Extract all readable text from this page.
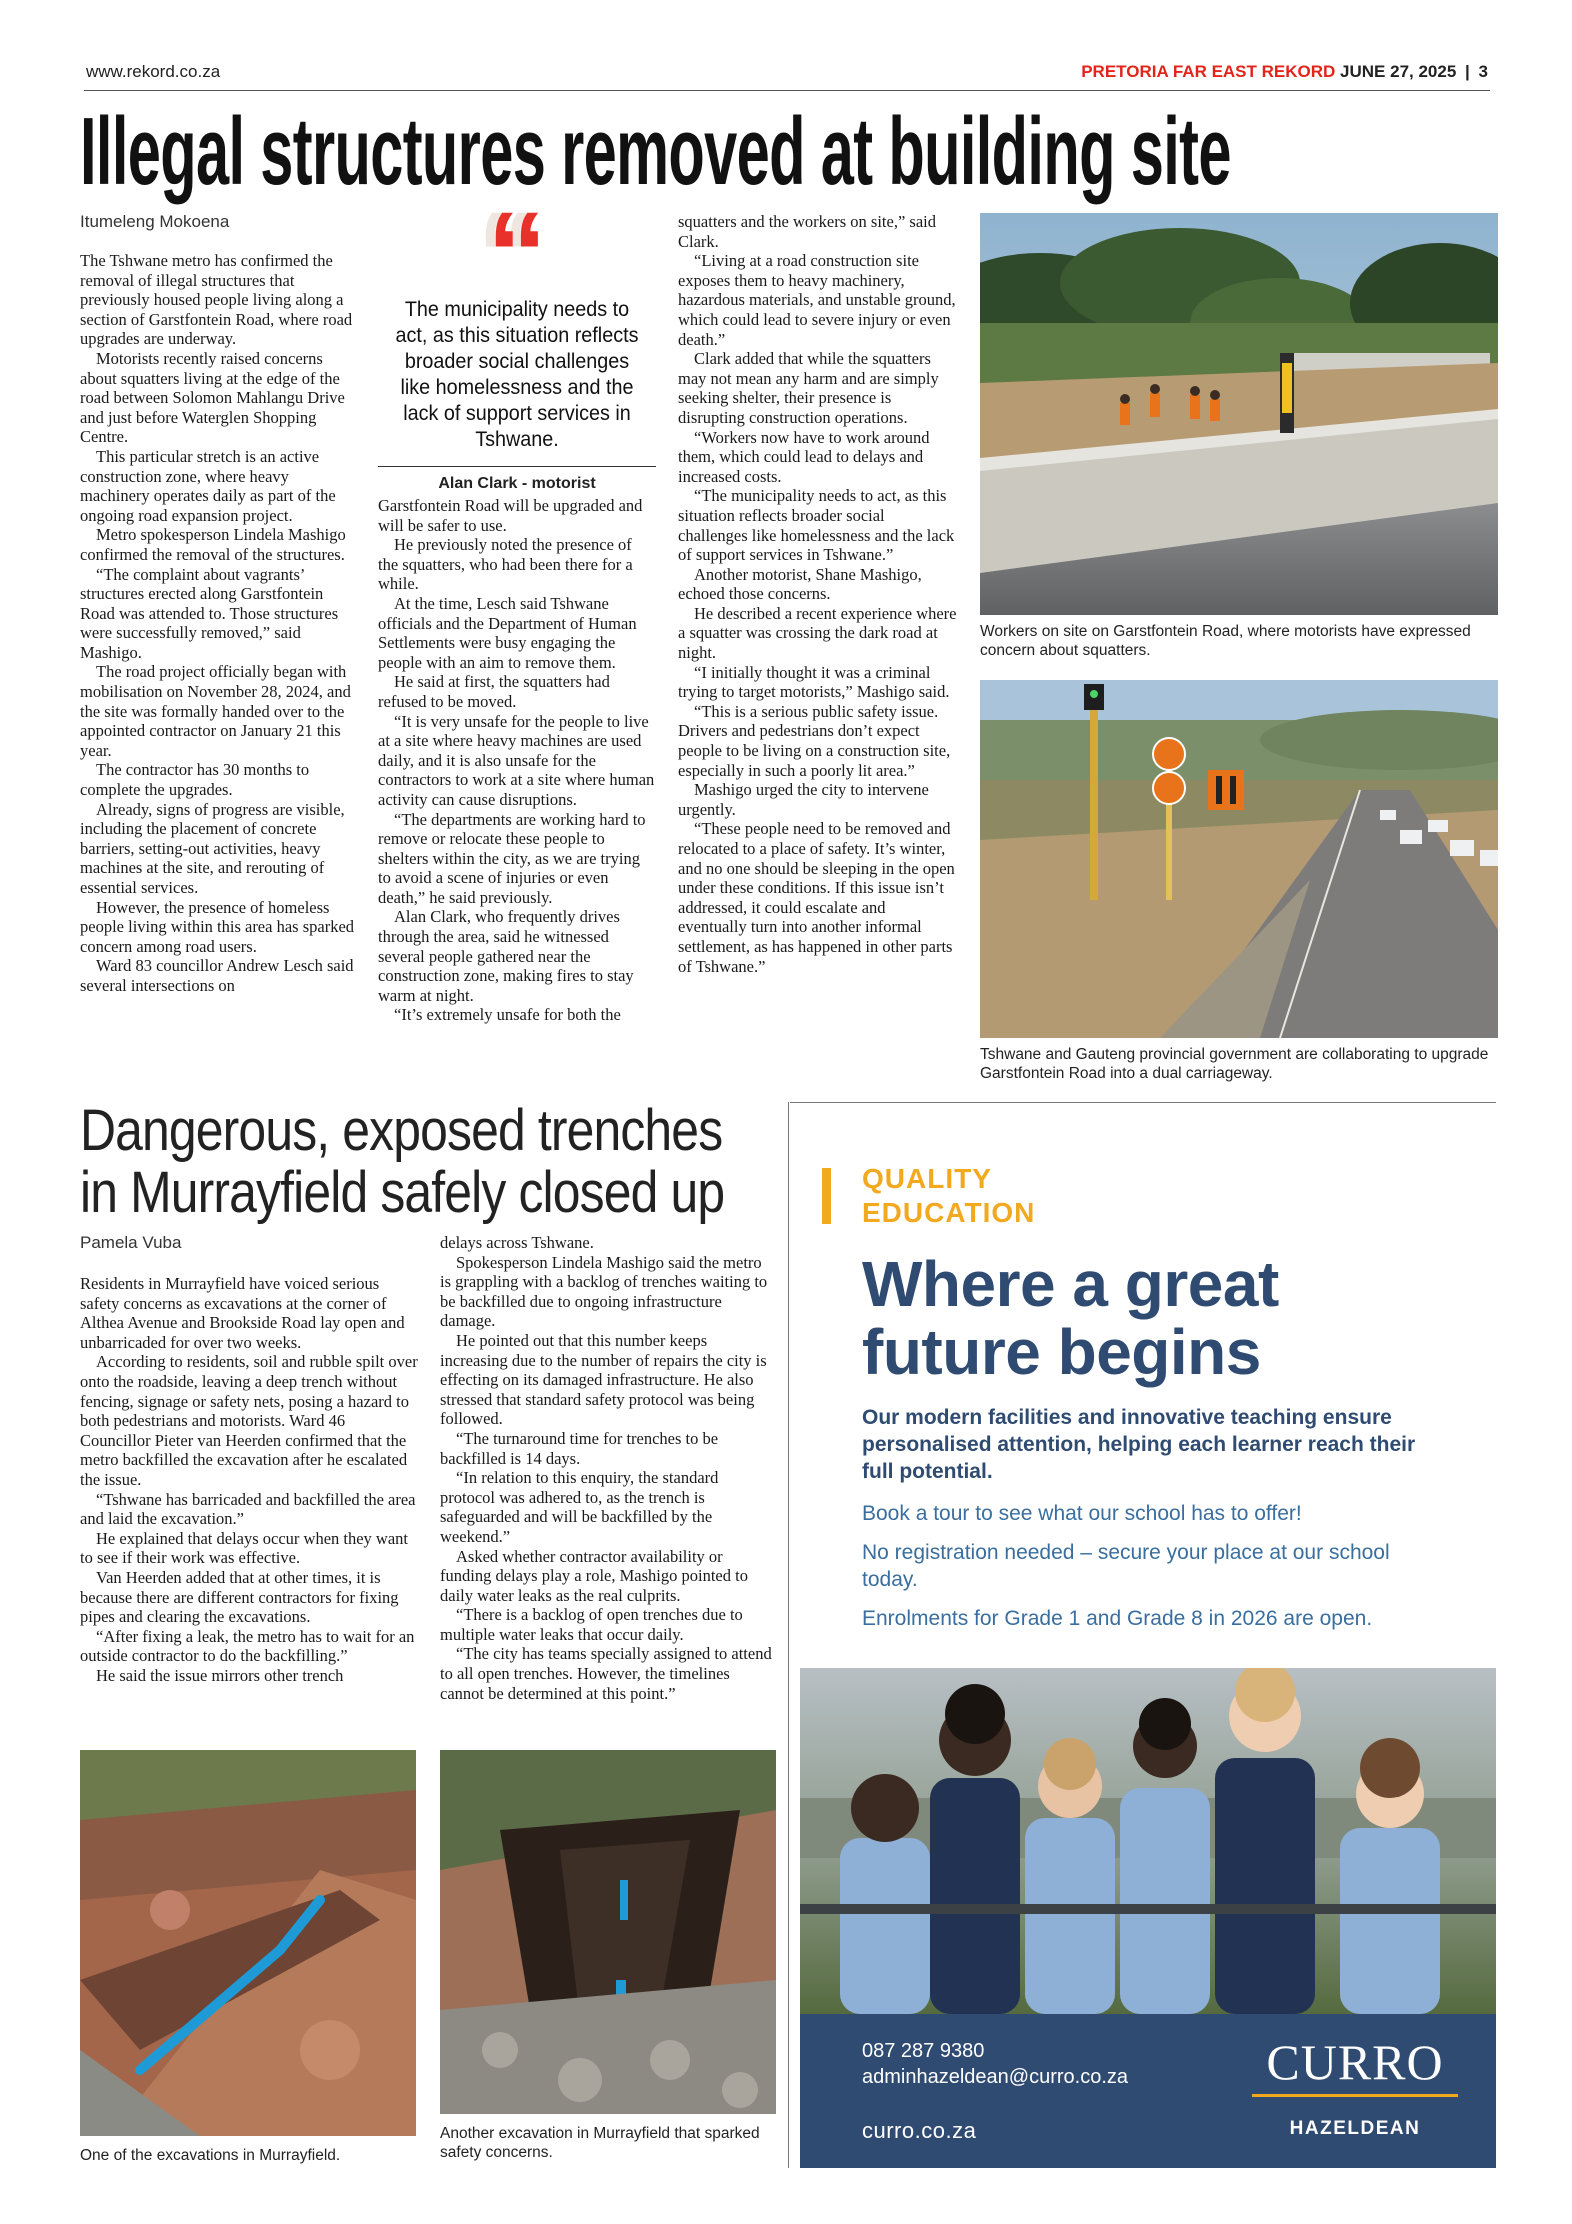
www.rekord.co.za	PRETORIA FAR EAST REKORD JUNE 27, 2025 | 3
Illegal structures removed at building site
Itumeleng Mokoena

The Tshwane metro has confirmed the removal of illegal structures that previously housed people living along a section of Garstfontein Road, where road upgrades are underway.

Motorists recently raised concerns about squatters living at the edge of the road between Solomon Mahlangu Drive and just before Waterglen Shopping Centre.

This particular stretch is an active construction zone, where heavy machinery operates daily as part of the ongoing road expansion project.

Metro spokesperson Lindela Mashigo confirmed the removal of the structures.

“The complaint about vagrants’ structures erected along Garstfontein Road was attended to. Those structures were successfully removed,” said Mashigo.

The road project officially began with mobilisation on November 28, 2024, and the site was formally handed over to the appointed contractor on January 21 this year.

The contractor has 30 months to complete the upgrades.

Already, signs of progress are visible, including the placement of concrete barriers, setting-out activities, heavy machines at the site, and rerouting of essential services.

However, the presence of homeless people living within this area has sparked concern among road users.

Ward 83 councillor Andrew Lesch said several intersections on

“
The municipality needs to act, as this situation reflects broader social challenges like homelessness and the lack of support services in Tshwane.
Alan Clark - motorist

Garstfontein Road will be upgraded and will be safer to use.

He previously noted the presence of the squatters, who had been there for a while.

At the time, Lesch said Tshwane officials and the Department of Human Settlements were busy engaging the people with an aim to remove them.

He said at first, the squatters had refused to be moved.

“It is very unsafe for the people to live at a site where heavy machines are used daily, and it is also unsafe for the contractors to work at a site where human activity can cause disruptions.

“The departments are working hard to remove or relocate these people to shelters within the city, as we are trying to avoid a scene of injuries or even death,” he said previously.

Alan Clark, who frequently drives through the area, said he witnessed several people gathered near the construction zone, making fires to stay warm at night.

“It’s extremely unsafe for both the

squatters and the workers on site,” said Clark.

“Living at a road construction site exposes them to heavy machinery, hazardous materials, and unstable ground, which could lead to severe injury or even death.”

Clark added that while the squatters may not mean any harm and are simply seeking shelter, their presence is disrupting construction operations.

“Workers now have to work around them, which could lead to delays and increased costs.

“The municipality needs to act, as this situation reflects broader social challenges like homelessness and the lack of support services in Tshwane.”

Another motorist, Shane Mashigo, echoed those concerns.

He described a recent experience where a squatter was crossing the dark road at night.

“I initially thought it was a criminal trying to target motorists,” Mashigo said.

“This is a serious public safety issue. Drivers and pedestrians don’t expect people to be living on a construction site, especially in such a poorly lit area.”

Mashigo urged the city to intervene urgently.

“These people need to be removed and relocated to a place of safety. It’s winter, and no one should be sleeping in the open under these conditions. If this issue isn’t addressed, it could escalate and eventually turn into another informal settlement, as has happened in other parts of Tshwane.”

Workers on site on Garstfontein Road, where motorists have expressed concern about squatters.
Tshwane and Gauteng provincial government are collaborating to upgrade Garstfontein Road into a dual carriageway.
Dangerous, exposed trenches
in Murrayfield safely closed up
Pamela Vuba

Residents in Murrayfield have voiced serious safety concerns as excavations at the corner of Althea Avenue and Brookside Road lay open and unbarricaded for over two weeks.

According to residents, soil and rubble spilt over onto the roadside, leaving a deep trench without fencing, signage or safety nets, posing a hazard to both pedestrians and motorists. Ward 46 Councillor Pieter van Heerden confirmed that the metro backfilled the excavation after he escalated the issue.

“Tshwane has barricaded and backfilled the area and laid the excavation.”

He explained that delays occur when they want to see if their work was effective.

Van Heerden added that at other times, it is because there are different contractors for fixing pipes and clearing the excavations.

“After fixing a leak, the metro has to wait for an outside contractor to do the backfilling.”

He said the issue mirrors other trench

delays across Tshwane.

Spokesperson Lindela Mashigo said the metro is grappling with a backlog of trenches waiting to be backfilled due to ongoing infrastructure damage.

He pointed out that this number keeps increasing due to the number of repairs the city is effecting on its damaged infrastructure. He also stressed that standard safety protocol was being followed.

“The turnaround time for trenches to be backfilled is 14 days.

“In relation to this enquiry, the standard protocol was adhered to, as the trench is safeguarded and will be backfilled by the weekend.”

Asked whether contractor availability or funding delays play a role, Mashigo pointed to daily water leaks as the real culprits.

“There is a backlog of open trenches due to multiple water leaks that occur daily.

“The city has teams specially assigned to attend to all open trenches. However, the timelines cannot be determined at this point.”

One of the excavations in Murrayfield.
Another excavation in Murrayfield that sparked safety concerns.
QUALITY
EDUCATION
Where a great
future begins
Our modern facilities and innovative teaching ensure personalised attention, helping each learner reach their full potential.
Book a tour to see what our school has to offer!
No registration needed – secure your place at our school today.
Enrolments for Grade 1 and Grade 8 in 2026 are open.
087 287 9380
adminhazeldean@curro.co.za
curro.co.za
CURRO
HAZELDEAN
